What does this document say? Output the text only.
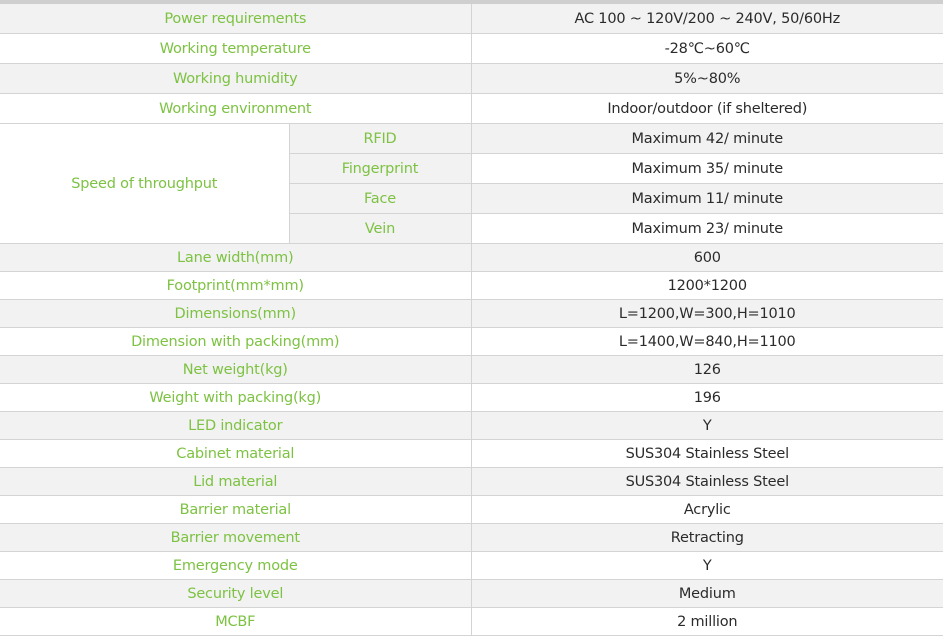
Power requirements		AC 100 ~ 120V/200 ~ 240V, 50/60Hz
Working temperature		-28℃~60℃
Working humidity		5%~80%
Working environment		Indoor/outdoor (if sheltered)
Speed of throughput	RFID	Maximum 42/ minute
	Fingerprint	Maximum 35/ minute
	Face	Maximum 11/ minute
	Vein	Maximum 23/ minute
Lane width(mm)		600
Footprint(mm*mm)		1200*1200
Dimensions(mm)		L=1200,W=300,H=1010
Dimension with packing(mm)		L=1400,W=840,H=1100
Net weight(kg)		126
Weight with packing(kg)		196
LED indicator		Y
Cabinet material		SUS304 Stainless Steel
Lid material		SUS304 Stainless Steel
Barrier material		Acrylic
Barrier movement		Retracting
Emergency mode		Y
Security level		Medium
MCBF		2 million
